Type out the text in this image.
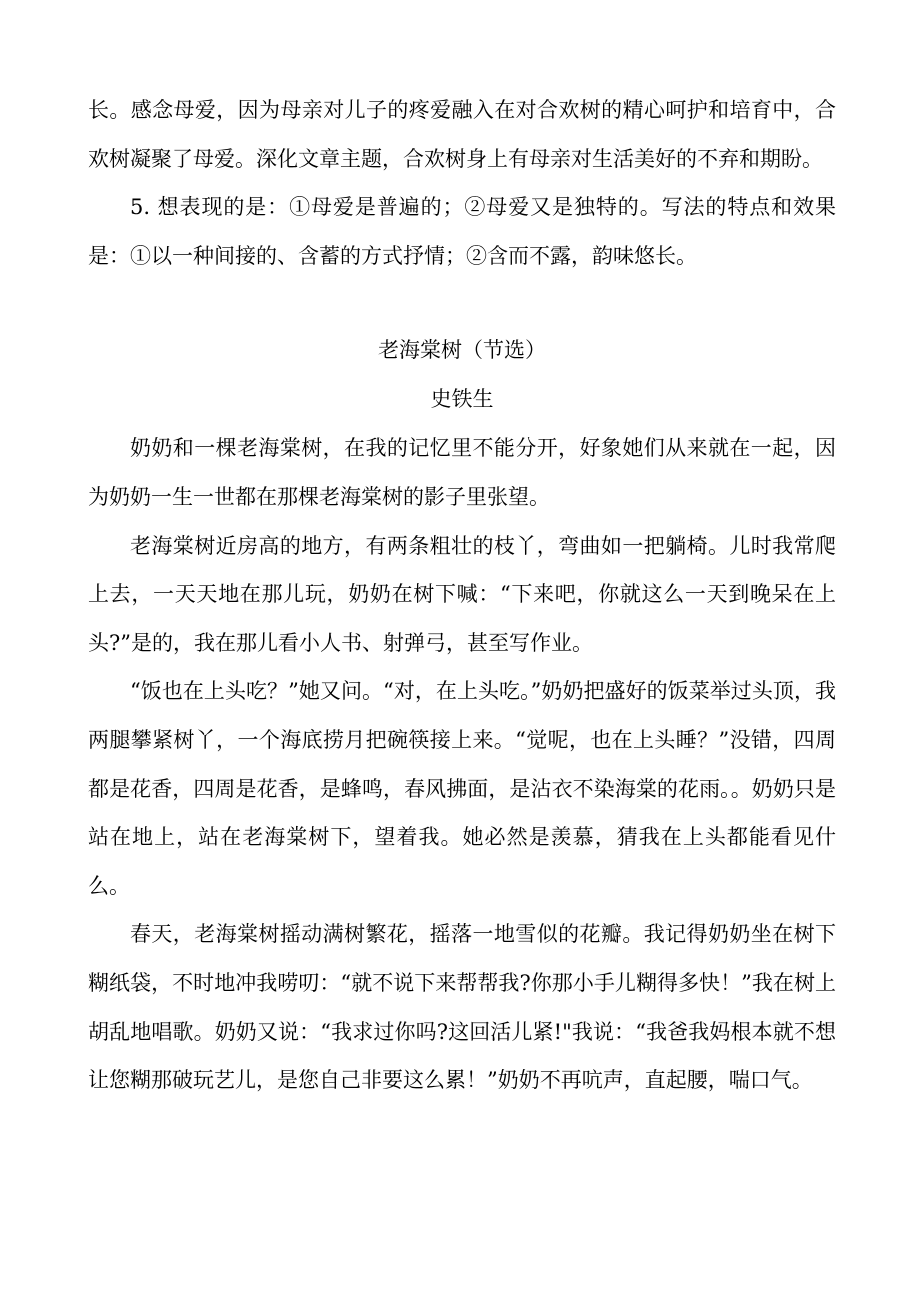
长。感念母爱，因为母亲对儿子的疼爱融入在对合欢树的精心呵护和培育中，合欢树凝聚了母爱。深化文章主题，合欢树身上有母亲对生活美好的不弃和期盼。

5. 想表现的是：①母爱是普遍的；②母爱又是独特的。写法的特点和效果是：①以一种间接的、含蓄的方式抒情；②含而不露，韵味悠长。

老海棠树（节选）

史铁生

奶奶和一棵老海棠树，在我的记忆里不能分开，好象她们从来就在一起，因为奶奶一生一世都在那棵老海棠树的影子里张望。

老海棠树近房高的地方，有两条粗壮的枝丫，弯曲如一把躺椅。儿时我常爬上去，一天天地在那儿玩，奶奶在树下喊：“下来吧，你就这么一天到晚呆在上头?”是的，我在那儿看小人书、射弹弓，甚至写作业。

“饭也在上头吃？”她又问。“对，在上头吃。”奶奶把盛好的饭菜举过头顶，我两腿攀紧树丫，一个海底捞月把碗筷接上来。“觉呢，也在上头睡？”没错，四周都是花香，四周是花香，是蜂鸣，春风拂面，是沾衣不染海棠的花雨。。奶奶只是站在地上，站在老海棠树下，望着我。她必然是羡慕，猜我在上头都能看见什么。

春天，老海棠树摇动满树繁花，摇落一地雪似的花瓣。我记得奶奶坐在树下糊纸袋，不时地冲我唠叨：“就不说下来帮帮我?你那小手儿糊得多快！”我在树上胡乱地唱歌。奶奶又说：“我求过你吗?这回活儿紧!"我说：“我爸我妈根本就不想让您糊那破玩艺儿，是您自己非要这么累！”奶奶不再吭声，直起腰，喘口气。
